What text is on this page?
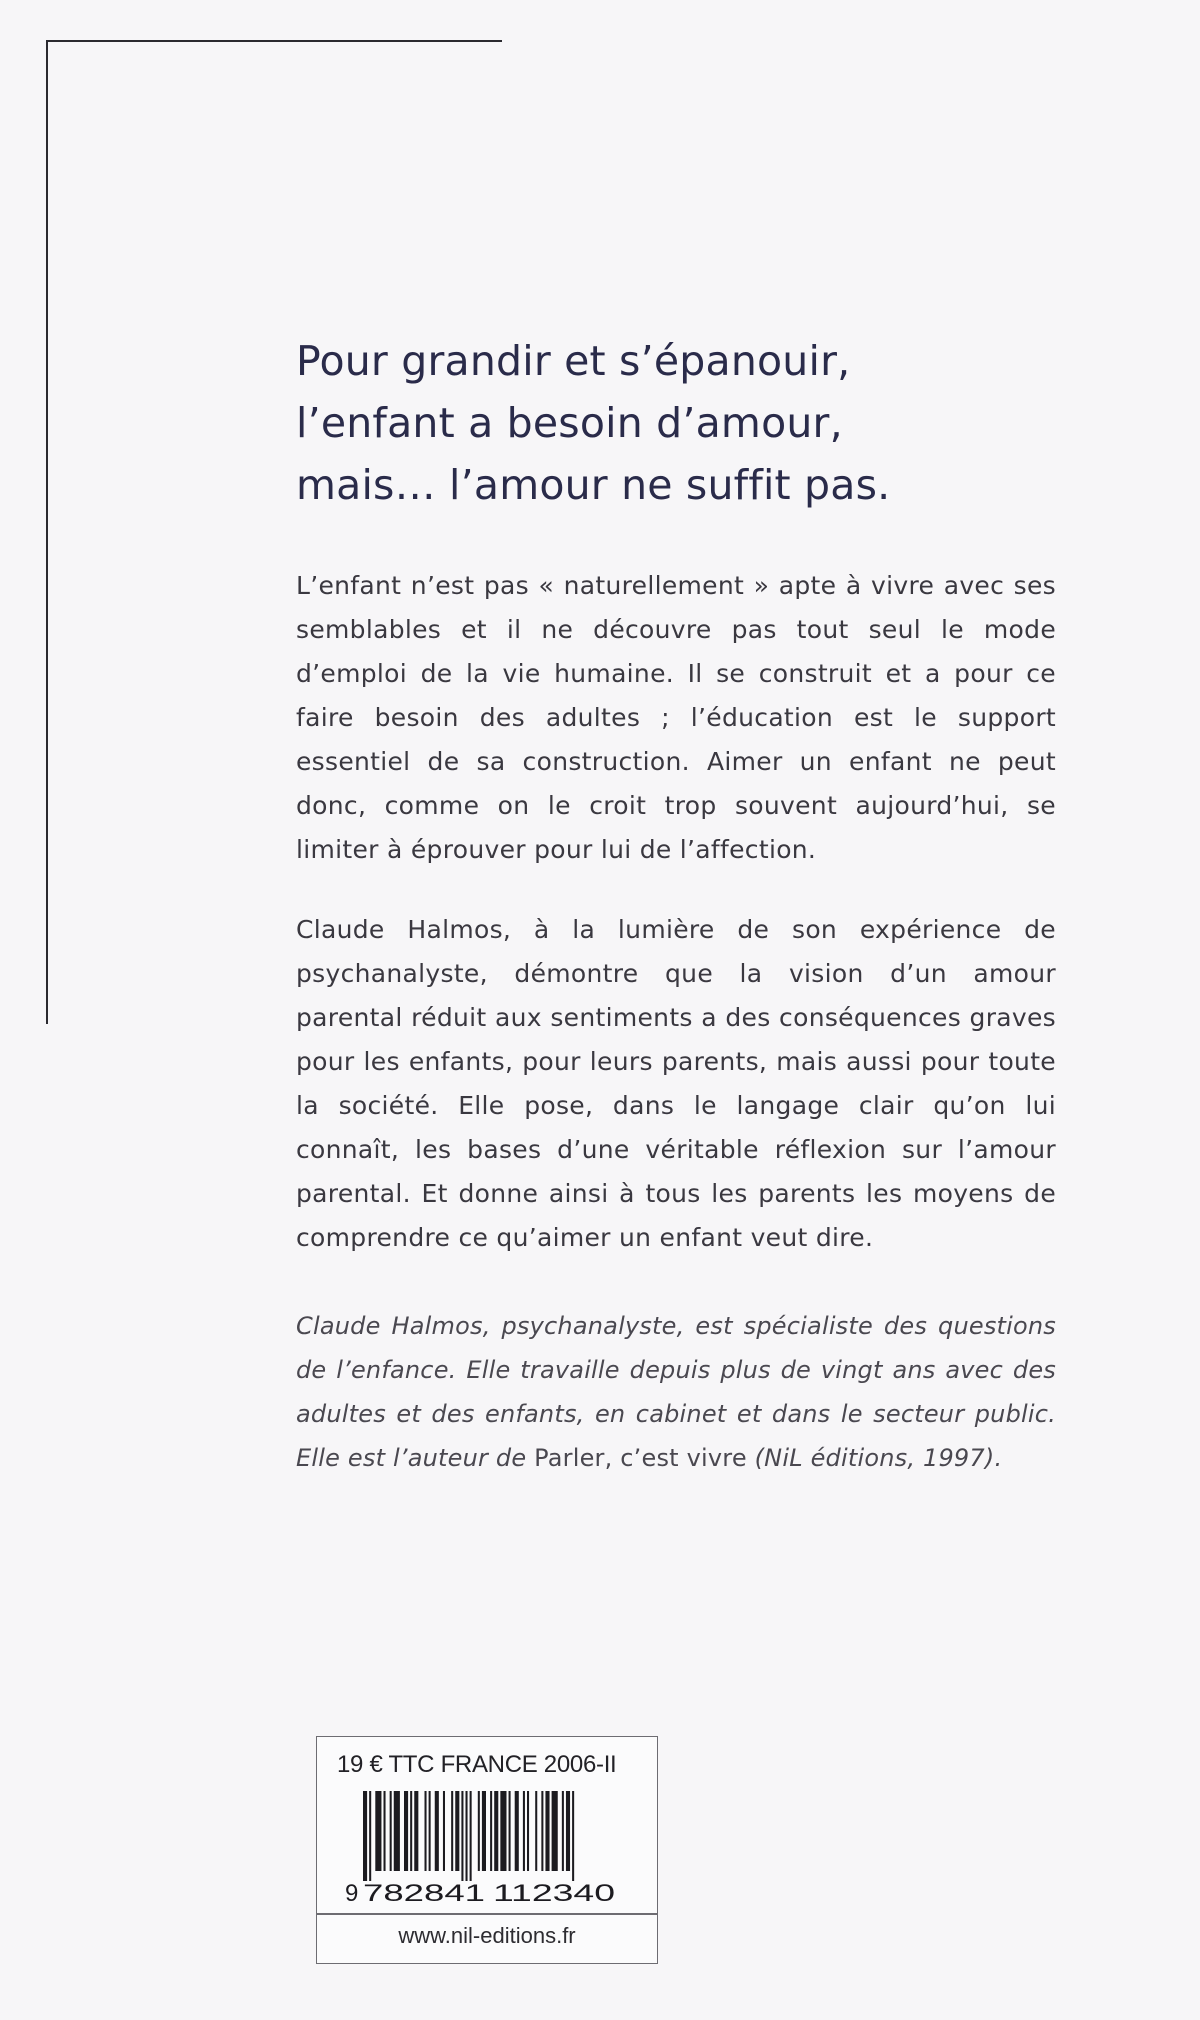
Pour grandir et s’épanouir,
l’enfant a besoin d’amour,
mais… l’amour ne suffit pas.

L’enfant n’est pas « naturellement » apte à vivre avec ses semblables et il ne découvre pas tout seul le mode d’emploi de la vie humaine. Il se construit et a pour ce faire besoin des adultes ; l’éducation est le support essentiel de sa construction. Aimer un enfant ne peut donc, comme on le croit trop souvent aujourd’hui, se limiter à éprouver pour lui de l’affection.

Claude Halmos, à la lumière de son expérience de psychanalyste, démontre que la vision d’un amour parental réduit aux sentiments a des conséquences graves pour les enfants, pour leurs parents, mais aussi pour toute la société. Elle pose, dans le langage clair qu’on lui connaît, les bases d’une véritable réflexion sur l’amour parental. Et donne ainsi à tous les parents les moyens de comprendre ce qu’aimer un enfant veut dire.

Claude Halmos, psychanalyste, est spécialiste des questions de l’enfance. Elle travaille depuis plus de vingt ans avec des adultes et des enfants, en cabinet et dans le secteur public. Elle est l’auteur de Parler, c’est vivre (NiL éditions, 1997).

19 € TTC FRANCE 2006-II
9 782841 112340
www.nil-editions.fr
